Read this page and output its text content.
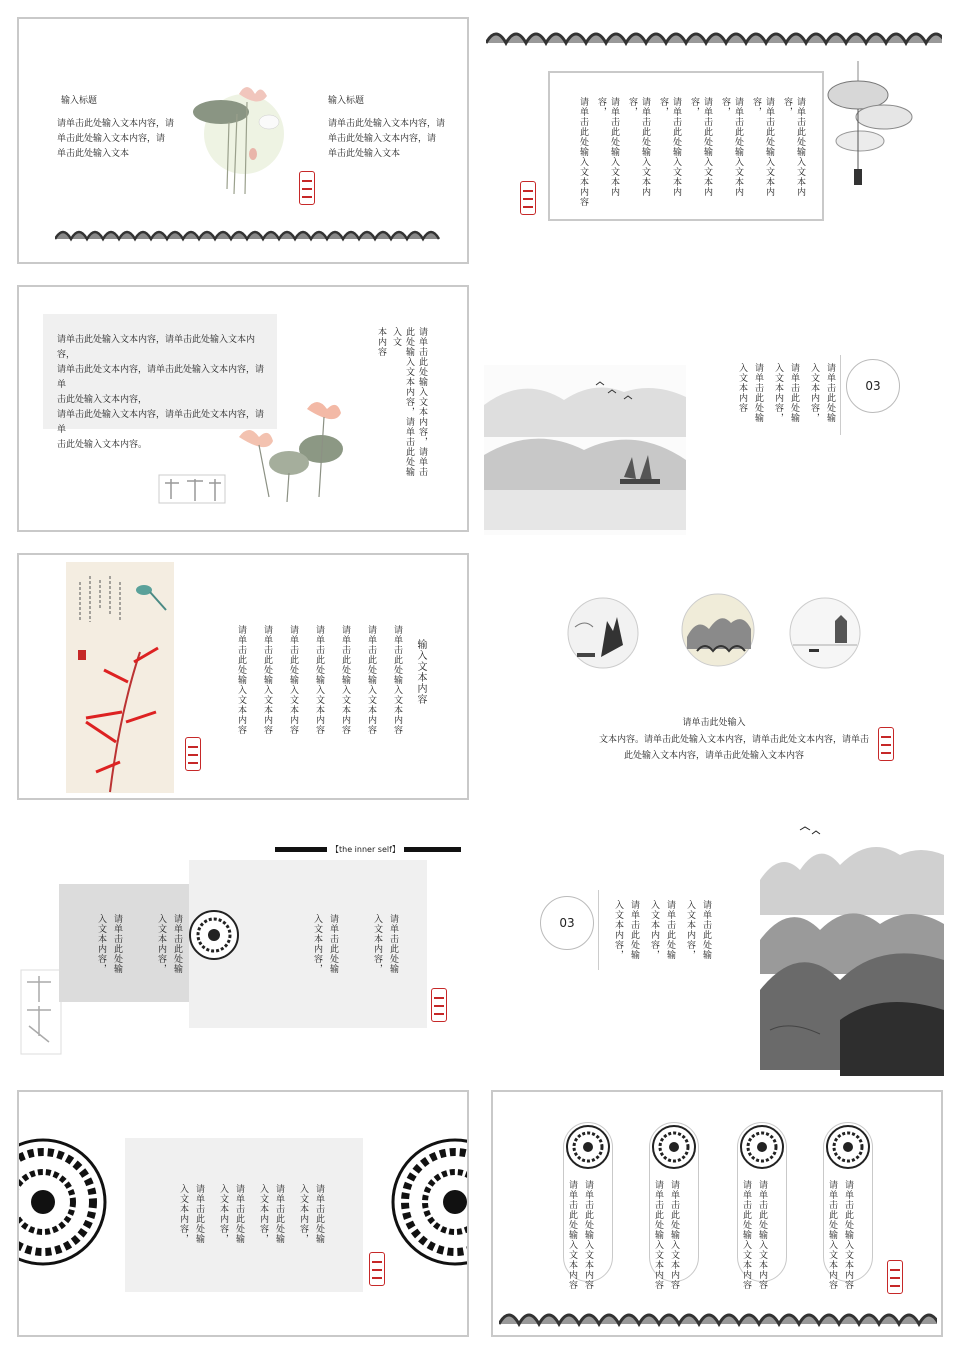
输入标题
请单击此处输入文本内容，请
单击此处输入文本内容，请
单击此处输入文本
输入标题
请单击此处输入文本内容，请
单击此处输入文本内容，请
单击此处输入文本	请单击此处输入文本内容，
请单击此处输入文本内容，
请单击此处输入文本内容，
请单击此处输入文本内容，
请单击此处输入文本内容，
请单击此处输入文本内容，
请单击此处输入文本内容，
请单击此处输入文本内容
请单击此处输入文本内容，请单击此处输入文本内容，
请单击此处文本内容，请单击此处输入文本内容，请单
击此处输入文本内容，
请单击此处输入文本内容，请单击此处文本内容，请单
击此处输入文本内容。	请单击此处输入文本内容，请单击此处输入文本内容，请单击此处输入文
本内容
03
请单击此处输
入文本内容，
请单击此处输
入文本内容，
请单击此处输
入文本内容
输入文本内容
请单击此处输入文本内容
请单击此处输入文本内容
请单击此处输入文本内容
请单击此处输入文本内容
请单击此处输入文本内容
请单击此处输入文本内容
请单击此处输入文本内容	请单击此处输入
文本内容。请单击此处输入文本内容，请单击此处文本内容，请单击
此处输入文本内容，请单击此处输入文本内容
【the inner self】
请单击此处输
入文本内容，
请单击此处输
入文本内容，	请单击此处输
入文本内容，
请单击此处输
入文本内容，	03	请单击此处输
入文本内容，
请单击此处输
入文本内容，
请单击此处输
入文本内容，
请单击此处输
入文本内容，
请单击此处输
入文本内容，
请单击此处输
入文本内容，
请单击此处输
入文本内容，	请单击此处输入文本内容
请单击此处输入文本内容	请单击此处输入文本内容
请单击此处输入文本内容	请单击此处输入文本内容
请单击此处输入文本内容	请单击此处输入文本内容
请单击此处输入文本内容
